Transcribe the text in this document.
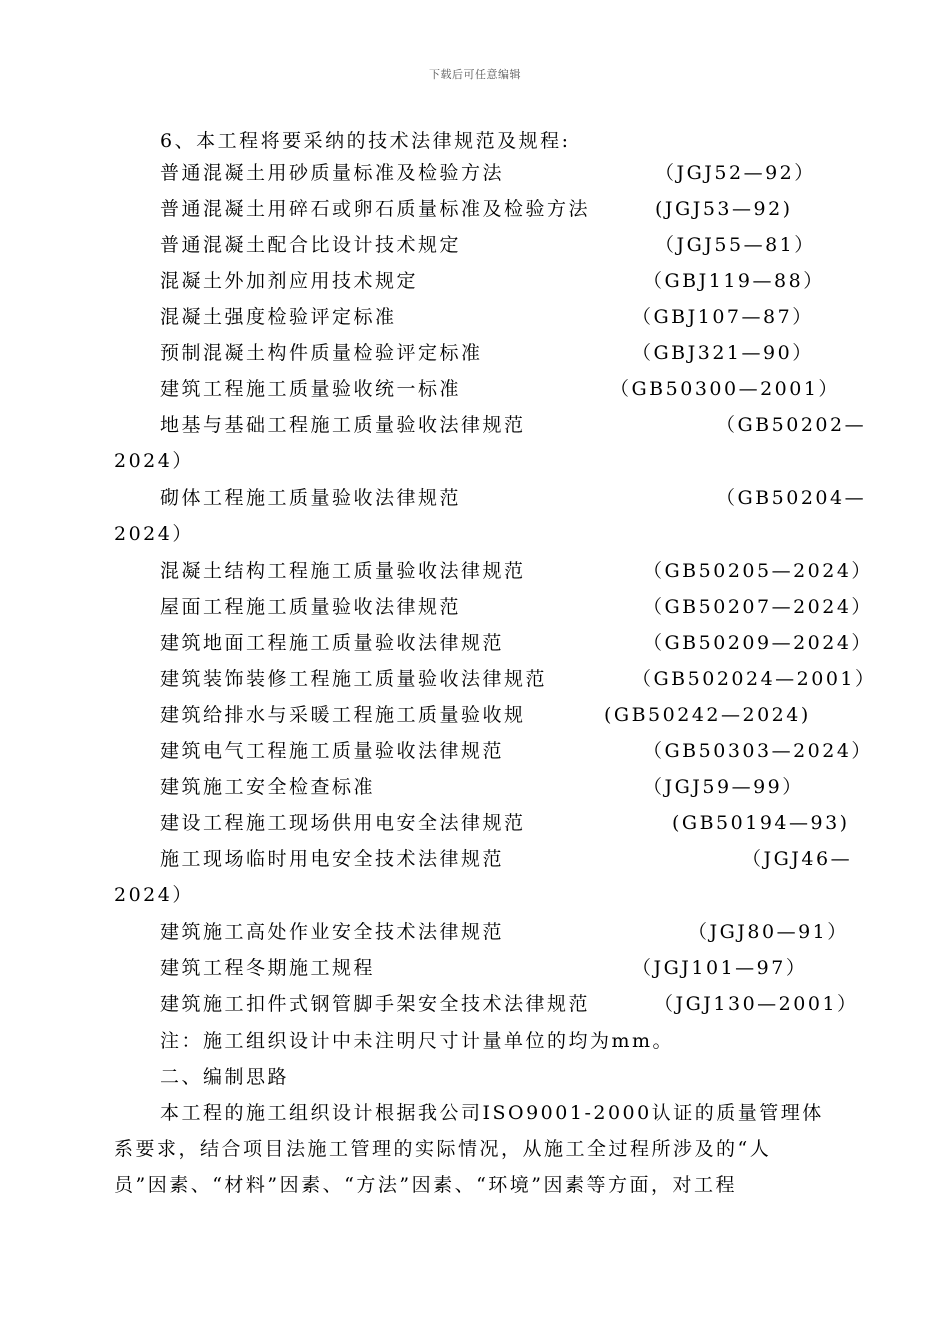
下载后可任意编辑
6、本工程将要采纳的技术法律规范及规程:
普通混凝土用砂质量标准及检验方法	（JGJ52—92）
普通混凝土用碎石或卵石质量标准及检验方法	(JGJ53—92)
普通混凝土配合比设计技术规定	（JGJ55—81）
混凝土外加剂应用技术规定	（GBJ119—88）
混凝土强度检验评定标准	（GBJ107—87）
预制混凝土构件质量检验评定标准	（GBJ321—90）
建筑工程施工质量验收统一标准	（GB50300—2001）
地基与基础工程施工质量验收法律规范	（GB50202—
2024）
砌体工程施工质量验收法律规范	（GB50204—
2024）
混凝土结构工程施工质量验收法律规范	（GB50205—2024）
屋面工程施工质量验收法律规范	（GB50207—2024）
建筑地面工程施工质量验收法律规范	（GB50209—2024）
建筑装饰装修工程施工质量验收法律规范	（GB502024—2001）
建筑给排水与采暖工程施工质量验收规	(GB50242—2024)
建筑电气工程施工质量验收法律规范	（GB50303—2024）
建筑施工安全检查标准	（JGJ59—99）
建设工程施工现场供用电安全法律规范	(GB50194—93)
施工现场临时用电安全技术法律规范	（JGJ46—
2024）
建筑施工高处作业安全技术法律规范	（JGJ80—91）
建筑工程冬期施工规程	（JGJ101—97）
建筑施工扣件式钢管脚手架安全技术法律规范	（JGJ130—2001）
注：施工组织设计中未注明尺寸计量单位的均为mm。
二、编制思路
本工程的施工组织设计根据我公司ISO9001-2000认证的质量管理体
系要求，结合项目法施工管理的实际情况，从施工全过程所涉及的“人
员”因素、“材料”因素、“方法”因素、“环境”因素等方面，对工程
